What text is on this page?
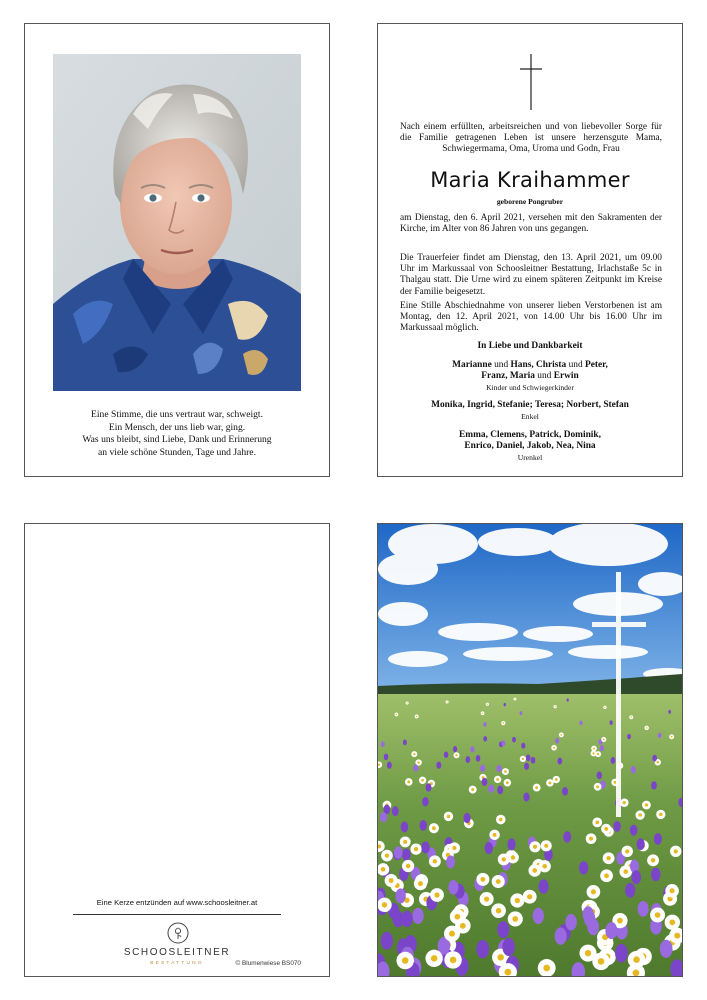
Eine Stimme, die uns vertraut war, schweigt.
Ein Mensch, der uns lieb war, ging.
Was uns bleibt, sind Liebe, Dank und Erinnerung
an viele schöne Stunden, Tage und Jahre.
Nach einem erfüllten, arbeitsreichen und von liebevoller Sorge für die Familie getragenen Leben ist unsere herzensgute Mama, Schwiegermama, Oma, Uroma und Godn, Frau
Maria Kraihammer
geborene Pongruber
am Dienstag, den 6. April 2021, versehen mit den Sakramenten der Kirche, im Alter von 86 Jahren von uns gegangen.
Die Trauerfeier findet am Dienstag, den 13. April 2021, um 09.00 Uhr im Markussaal von Schoosleitner Bestattung, Irlachstaße 5c in Thalgau statt. Die Urne wird zu einem späteren Zeitpunkt im Kreise der Familie beigesetzt.
Eine Stille Abschiednahme von unserer lieben Verstorbenen ist am Montag, den 12. April 2021, von 14.00 Uhr bis 16.00 Uhr im Markussaal möglich.
In Liebe und Dankbarkeit
Marianne und Hans, Christa und Peter,
Franz, Maria und Erwin
Kinder und Schwiegerkinder
Monika, Ingrid, Stefanie; Teresa; Norbert, Stefan
Enkel
Emma, Clemens, Patrick, Dominik,
Enrico, Daniel, Jakob, Nea, Nina
Urenkel
Eine Kerze entzünden auf www.schoosleitner.at
SCHOOSLEITNER
BESTATTUNG	© Blumenwiese BS070
